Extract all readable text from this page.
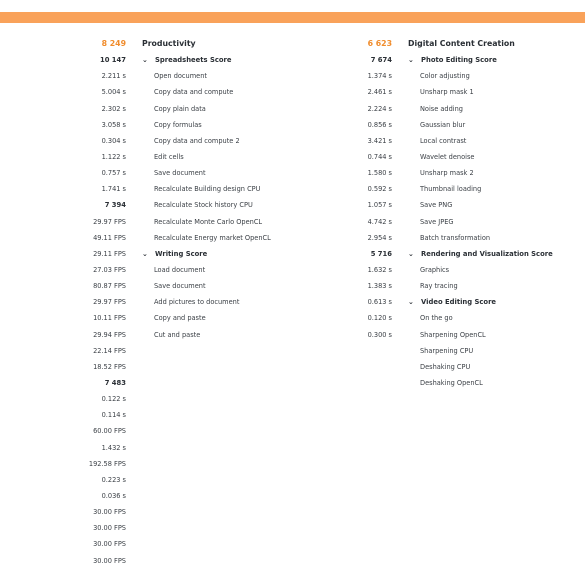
8 249
10 147
2.211 s
5.004 s
2.302 s
3.058 s
0.304 s
1.122 s
0.757 s
1.741 s
7 394
29.97 FPS
49.11 FPS
29.11 FPS
27.03 FPS
80.87 FPS
29.97 FPS
10.11 FPS
29.94 FPS
22.14 FPS
18.52 FPS
7 483
0.122 s
0.114 s
60.00 FPS
1.432 s
192.58 FPS
0.223 s
0.036 s
30.00 FPS
30.00 FPS
30.00 FPS
30.00 FPS
Productivity
⌄ Spreadsheets Score
Open document
Copy data and compute
Copy plain data
Copy formulas
Copy data and compute 2
Edit cells
Save document
Recalculate Building design CPU
Recalculate Stock history CPU
Recalculate Monte Carlo OpenCL
Recalculate Energy market OpenCL
⌄ Writing Score
Load document
Save document
Add pictures to document
Copy and paste
Cut and paste
6 623
7 674
1.374 s
2.461 s
2.224 s
0.856 s
3.421 s
0.744 s
1.580 s
0.592 s
1.057 s
4.742 s
2.954 s
5 716
1.632 s
1.383 s
0.613 s
0.120 s
0.300 s
Digital Content Creation
⌄ Photo Editing Score
Color adjusting
Unsharp mask 1
Noise adding
Gaussian blur
Local contrast
Wavelet denoise
Unsharp mask 2
Thumbnail loading
Save PNG
Save JPEG
Batch transformation
⌄ Rendering and Visualization Score
Graphics
Ray tracing
⌄ Video Editing Score
On the go
Sharpening OpenCL
Sharpening CPU
Deshaking CPU
Deshaking OpenCL
